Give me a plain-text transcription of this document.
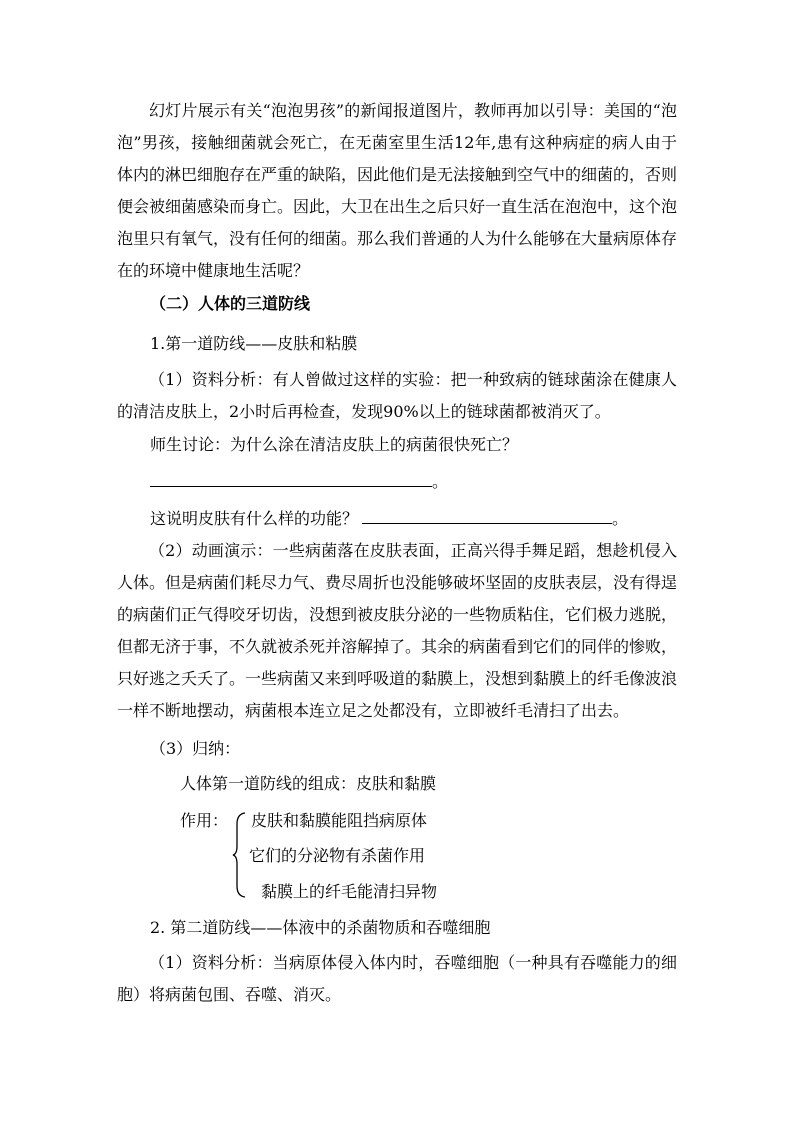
幻灯片展示有关“泡泡男孩”的新闻报道图片，教师再加以引导：美国的“泡泡”男孩，接触细菌就会死亡，在无菌室里生活12年,患有这种病症的病人由于体内的淋巴细胞存在严重的缺陷，因此他们是无法接触到空气中的细菌的，否则便会被细菌感染而身亡。因此，大卫在出生之后只好一直生活在泡泡中，这个泡泡里只有氧气，没有任何的细菌。那么我们普通的人为什么能够在大量病原体存在的环境中健康地生活呢？

（二）人体的三道防线

1.第一道防线——皮肤和粘膜

（1）资料分析：有人曾做过这样的实验：把一种致病的链球菌涂在健康人的清洁皮肤上，2小时后再检查，发现90%以上的链球菌都被消灭了。

师生讨论：为什么涂在清洁皮肤上的病菌很快死亡？

。
这说明皮肤有什么样的功能？	。

（2）动画演示：一些病菌落在皮肤表面，正高兴得手舞足蹈，想趁机侵入人体。但是病菌们耗尽力气、费尽周折也没能够破坏坚固的皮肤表层，没有得逞的病菌们正气得咬牙切齿，没想到被皮肤分泌的一些物质粘住，它们极力逃脱，但都无济于事，不久就被杀死并溶解掉了。其余的病菌看到它们的同伴的惨败，只好逃之夭夭了。一些病菌又来到呼吸道的黏膜上，没想到黏膜上的纤毛像波浪一样不断地摆动，病菌根本连立足之处都没有，立即被纤毛清扫了出去。

（3）归纳：

人体第一道防线的组成：皮肤和黏膜

作用： 皮肤和黏膜能阻挡病原体

它们的分泌物有杀菌作用

黏膜上的纤毛能清扫异物

2. 第二道防线——体液中的杀菌物质和吞噬细胞

（1）资料分析：当病原体侵入体内时，吞噬细胞（一种具有吞噬能力的细胞）将病菌包围、吞噬、消灭。
